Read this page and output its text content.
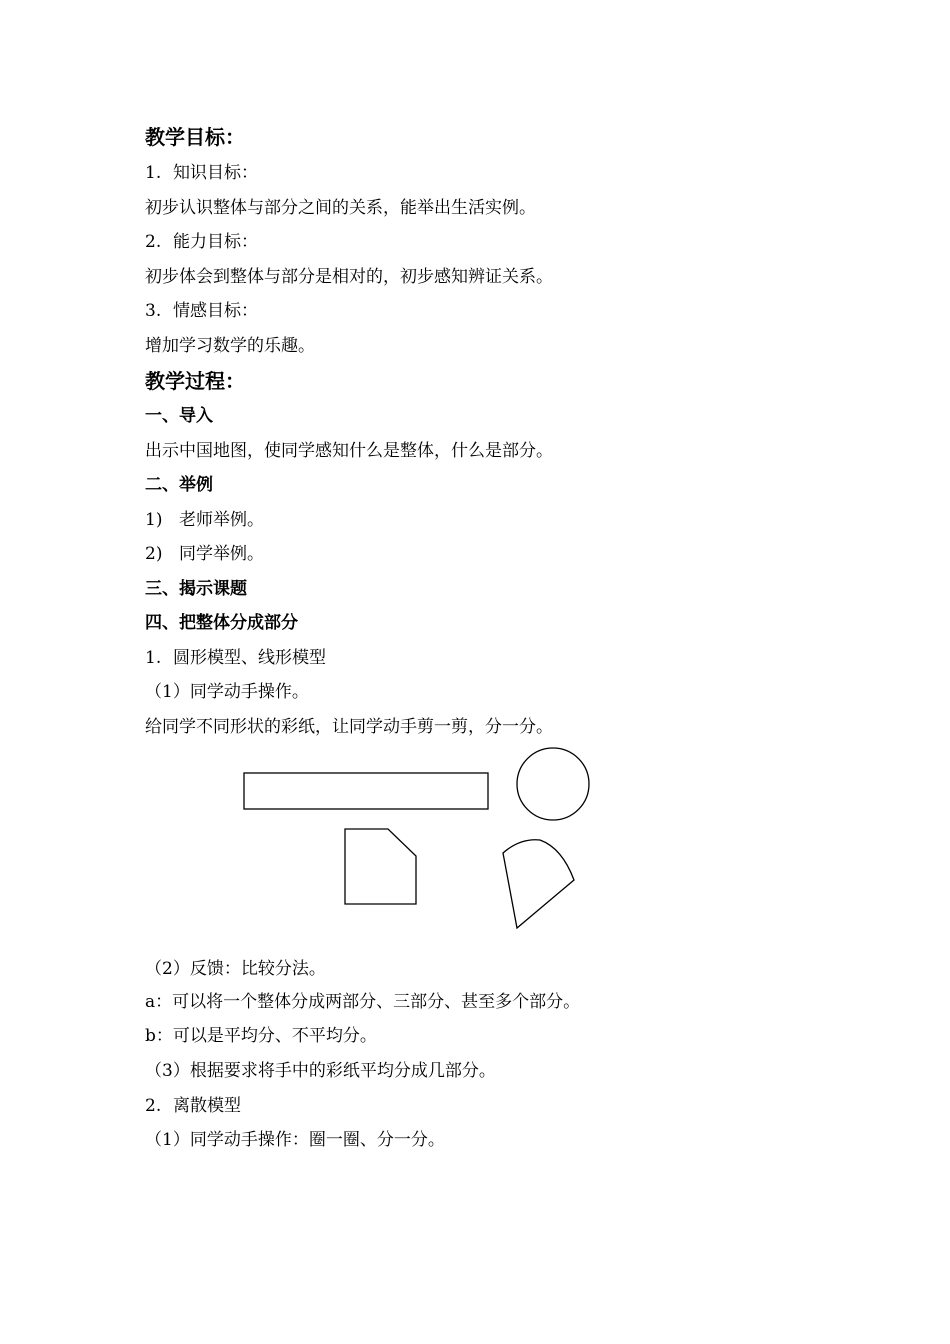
教学目标：
1. 知识目标：
初步认识整体与部分之间的关系，能举出生活实例。
2. 能力目标：
初步体会到整体与部分是相对的，初步感知辨证关系。
3. 情感目标：
增加学习数学的乐趣。
教学过程：
一、导入
出示中国地图，使同学感知什么是整体，什么是部分。
二、举例
1) 老师举例。
2) 同学举例。
三、揭示课题
四、把整体分成部分
1. 圆形模型、线形模型
（1）同学动手操作。
给同学不同形状的彩纸，让同学动手剪一剪，分一分。
（2）反馈：比较分法。
a：可以将一个整体分成两部分、三部分、甚至多个部分。
b：可以是平均分、不平均分。
（3）根据要求将手中的彩纸平均分成几部分。
2. 离散模型
（1）同学动手操作：圈一圈、分一分。
